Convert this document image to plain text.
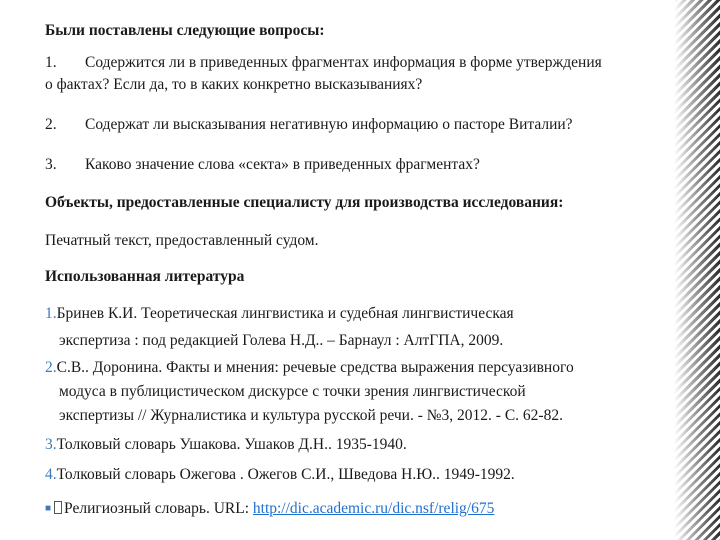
Были поставлены следующие вопросы:

1.	Содержится ли в приведенных фрагментах информация в форме утверждения

о фактах? Если да, то в каких конкретно высказываниях?

2.	Содержат ли высказывания негативную информацию о пасторе Виталии?
3.	Каково значение слова «секта» в приведенных фрагментах?

Объекты, предоставленные специалисту для производства исследования:

Печатный текст, предоставленный судом.

Использованная литература

1.Бринев К.И. Теоретическая лингвистика и судебная лингвистическая
экспертиза : под редакцией Голева Н.Д.. – Барнаул : АлтГПА, 2009.
2.С.В.. Доронина. Факты и мнения: речевые средства выражения персуазивного
модуса в публицистическом дискурсе с точки зрения лингвистической
экспертизы // Журналистика и культура русской речи. - №3, 2012. - С. 62-82.
3.Толковый словарь Ушакова. Ушаков Д.Н.. 1935-1940.
4.Толковый словарь Ожегова . Ожегов С.И., Шведова Н.Ю.. 1949-1992.
■ Религиозный словарь. URL: http://dic.academic.ru/dic.nsf/relig/675
